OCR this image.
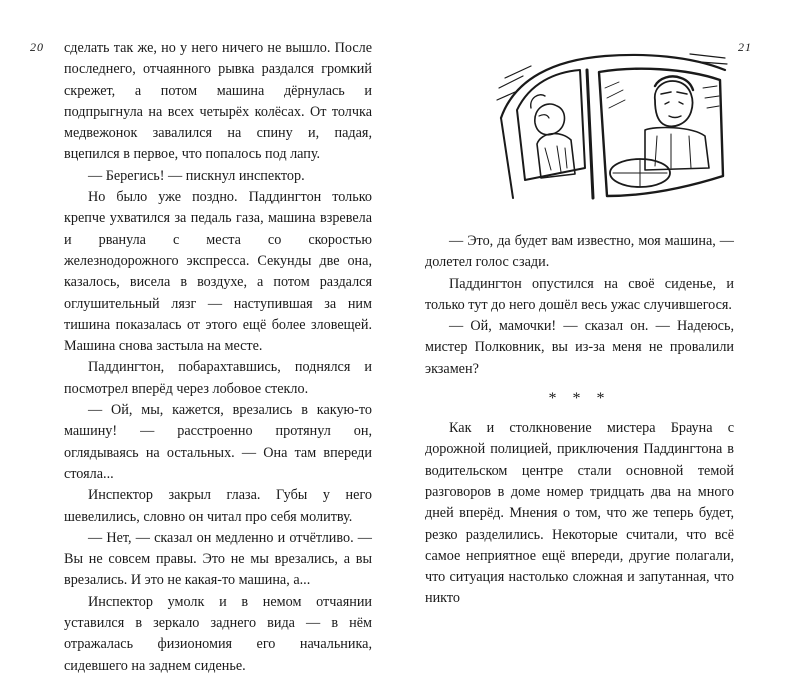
20 сделать так же, но у него ничего не вышло. После последнего, отчаянного рывка раздался громкий скрежет, а потом машина дёрнулась и подпрыгнула на всех четырёх колёсах. От толчка медвежонок завалился на спину и, падая, вцепился в первое, что попалось под лапу.

— Берегись! — пискнул инспектор.

Но было уже поздно. Паддингтон только крепче ухватился за педаль газа, машина взревела и рванула с места со скоростью железнодорожного экспресса. Секунды две она, казалось, висела в воздухе, а потом раздался оглушительный лязг — наступившая за ним тишина показалась от этого ещё более зловещей. Машина снова застыла на месте.

Паддингтон, побарахтавшись, поднялся и посмотрел вперёд через лобовое стекло.

— Ой, мы, кажется, врезались в какую-то машину! — расстроенно протянул он, оглядываясь на остальных. — Она там впереди стояла...

Инспектор закрыл глаза. Губы у него шевелились, словно он читал про себя молитву.

— Нет, — сказал он медленно и отчётливо. — Вы не совсем правы. Это не мы врезались, а вы врезались. И это не какая-то машина, а...

Инспектор умолк и в немом отчаянии уставился в зеркало заднего вида — в нём отражалась физиономия его начальника, сидевшего на заднем сиденье.

21

— Это, да будет вам известно, моя машина, — долетел голос сзади.

Паддингтон опустился на своё сиденье, и только тут до него дошёл весь ужас случившегося.

— Ой, мамочки! — сказал он. — Надеюсь, мистер Полковник, вы из-за меня не провалили экзамен?

* * *

Как и столкновение мистера Брауна с дорожной полицией, приключения Паддингтона в водительском центре стали основной темой разговоров в доме номер тридцать два на много дней вперёд. Мнения о том, что же теперь будет, резко разделились. Некоторые считали, что всё самое неприятное ещё впереди, другие полагали, что ситуация настолько сложная и запутанная, что никто
